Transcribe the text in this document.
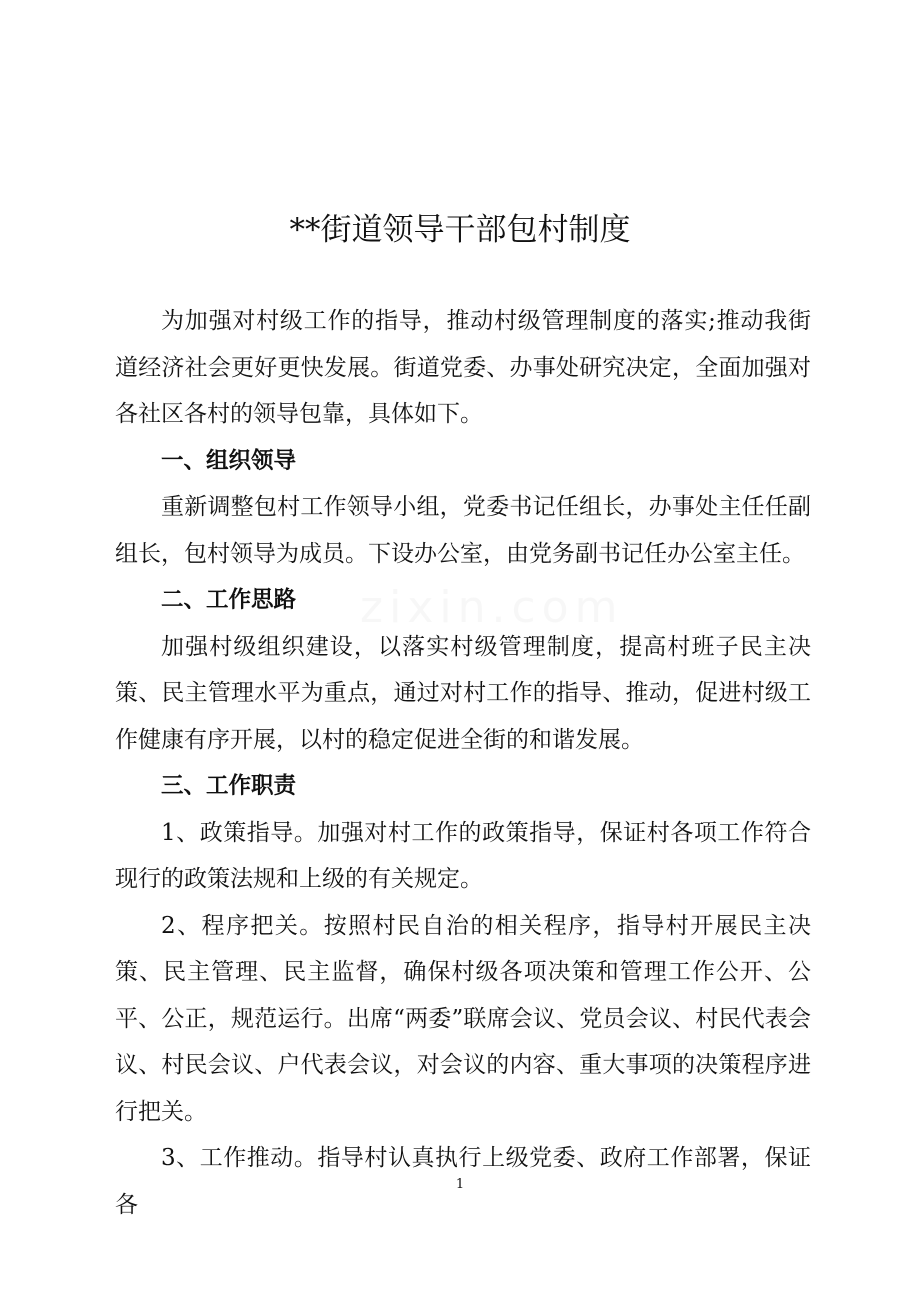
**街道领导干部包村制度
zixin.com

为加强对村级工作的指导，推动村级管理制度的落实;推动我街道经济社会更好更快发展。街道党委、办事处研究决定，全面加强对各社区各村的领导包靠，具体如下。

一、组织领导

重新调整包村工作领导小组，党委书记任组长，办事处主任任副组长，包村领导为成员。下设办公室，由党务副书记任办公室主任。

二、工作思路

加强村级组织建设，以落实村级管理制度，提高村班子民主决策、民主管理水平为重点，通过对村工作的指导、推动，促进村级工作健康有序开展，以村的稳定促进全街的和谐发展。

三、工作职责

1、政策指导。加强对村工作的政策指导，保证村各项工作符合现行的政策法规和上级的有关规定。

2、程序把关。按照村民自治的相关程序，指导村开展民主决策、民主管理、民主监督，确保村级各项决策和管理工作公开、公平、公正，规范运行。出席“两委”联席会议、党员会议、村民代表会议、村民会议、户代表会议，对会议的内容、重大事项的决策程序进行把关。

3、工作推动。指导村认真执行上级党委、政府工作部署，保证各

1
